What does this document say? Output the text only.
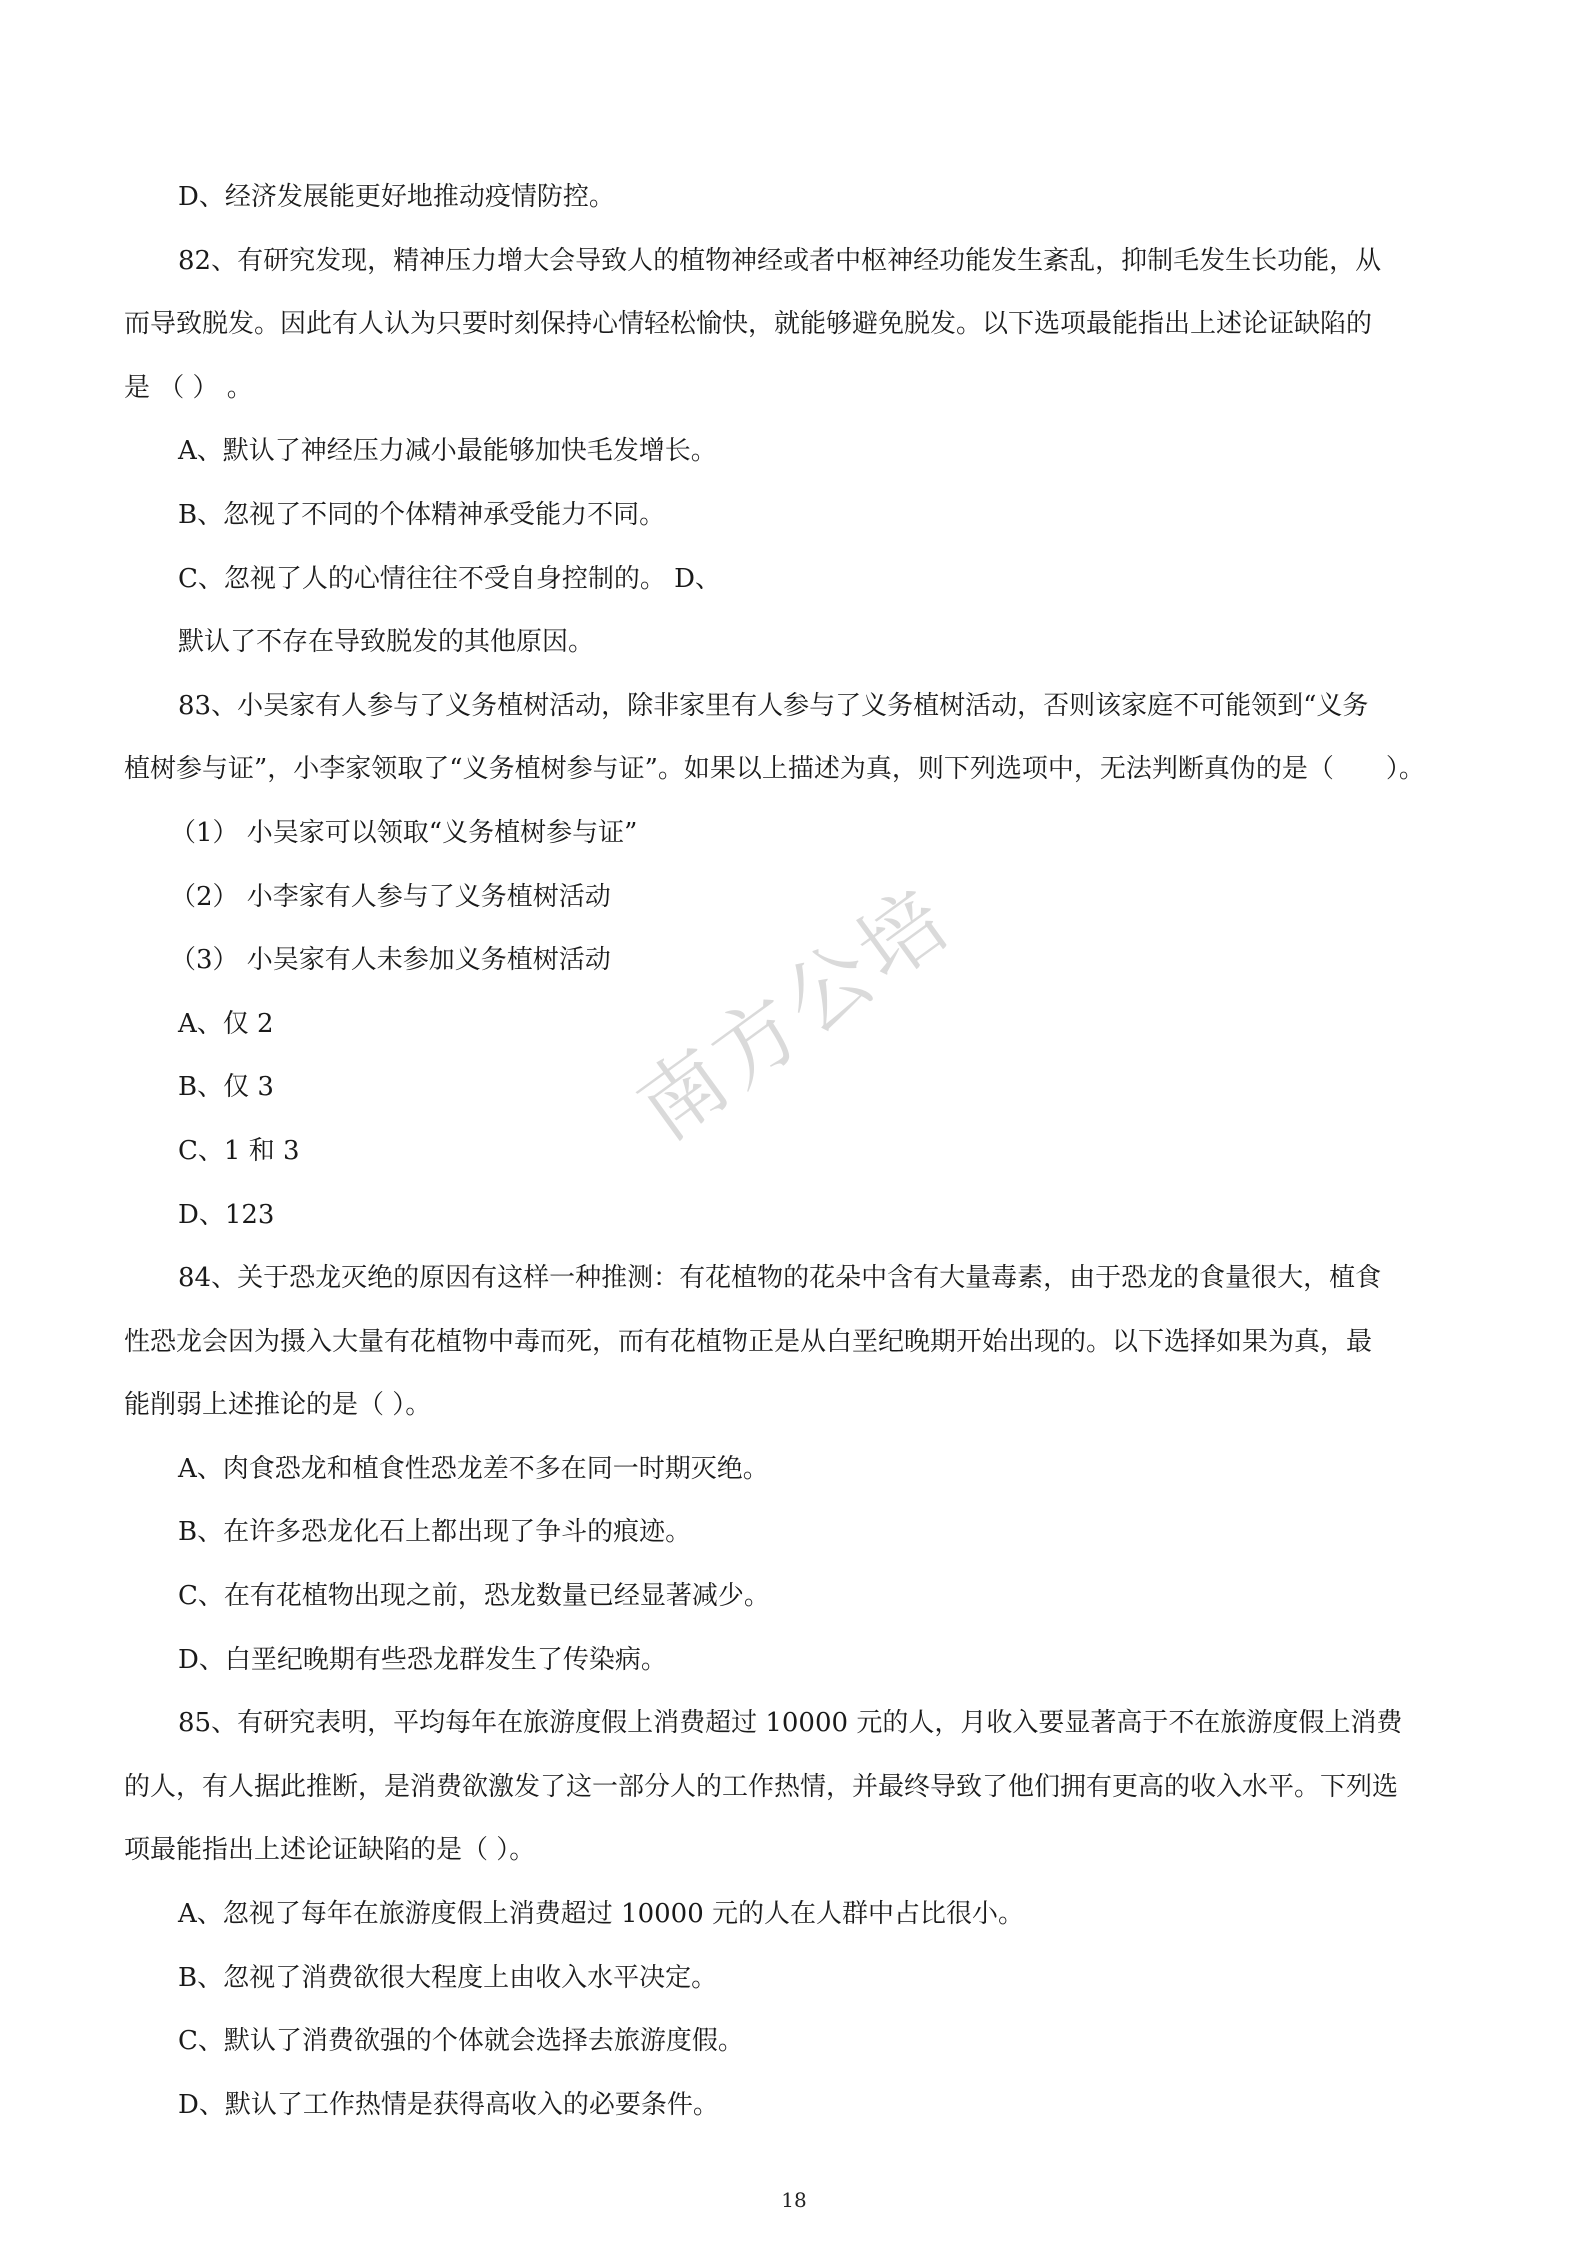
南方公培

D、经济发展能更好地推动疫情防控。

82、有研究发现，精神压力增大会导致人的植物神经或者中枢神经功能发生紊乱，抑制毛发生长功能，从

而导致脱发。因此有人认为只要时刻保持心情轻松愉快，就能够避免脱发。以下选项最能指出上述论证缺陷的

是 （ ） 。

A、默认了神经压力减小最能够加快毛发增长。

B、忽视了不同的个体精神承受能力不同。

C、忽视了人的心情往往不受自身控制的。 D、

默认了不存在导致脱发的其他原因。

83、小吴家有人参与了义务植树活动，除非家里有人参与了义务植树活动，否则该家庭不可能领到“义务

植树参与证”，小李家领取了“义务植树参与证”。如果以上描述为真，则下列选项中，无法判断真伪的是（　　）。

（1） 小吴家可以领取“义务植树参与证”

（2） 小李家有人参与了义务植树活动

（3） 小吴家有人未参加义务植树活动

A、仅 2

B、仅 3

C、1 和 3

D、123

84、关于恐龙灭绝的原因有这样一种推测：有花植物的花朵中含有大量毒素，由于恐龙的食量很大，植食

性恐龙会因为摄入大量有花植物中毒而死，而有花植物正是从白垩纪晚期开始出现的。以下选择如果为真，最

能削弱上述推论的是（ ）。

A、肉食恐龙和植食性恐龙差不多在同一时期灭绝。

B、在许多恐龙化石上都出现了争斗的痕迹。

C、在有花植物出现之前，恐龙数量已经显著减少。

D、白垩纪晚期有些恐龙群发生了传染病。

85、有研究表明，平均每年在旅游度假上消费超过 10000 元的人，月收入要显著高于不在旅游度假上消费

的人，有人据此推断，是消费欲激发了这一部分人的工作热情，并最终导致了他们拥有更高的收入水平。下列选

项最能指出上述论证缺陷的是（ ）。

A、忽视了每年在旅游度假上消费超过 10000 元的人在人群中占比很小。

B、忽视了消费欲很大程度上由收入水平决定。

C、默认了消费欲强的个体就会选择去旅游度假。

D、默认了工作热情是获得高收入的必要条件。

18
